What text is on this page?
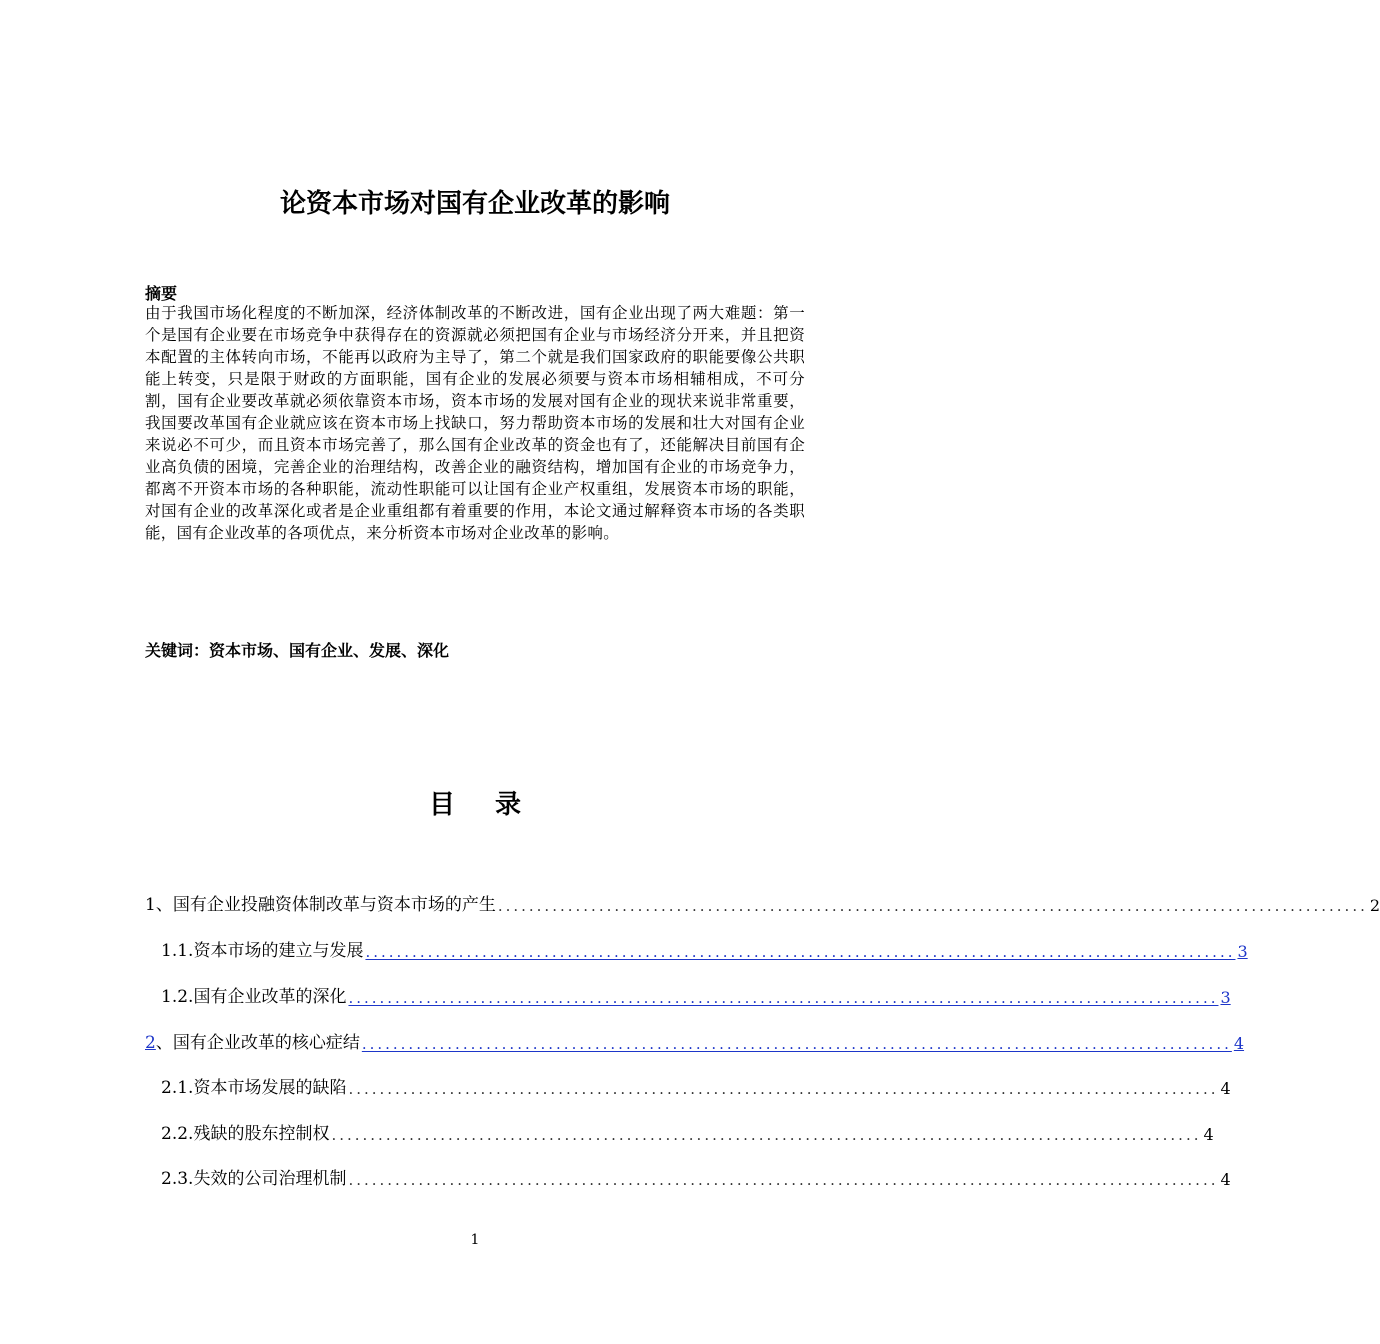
论资本市场对国有企业改革的影响
摘要
由于我国市场化程度的不断加深，经济体制改革的不断改进，国有企业出现了两大难题：第一个是国有企业要在市场竞争中获得存在的资源就必须把国有企业与市场经济分开来，并且把资本配置的主体转向市场，不能再以政府为主导了，第二个就是我们国家政府的职能要像公共职能上转变，只是限于财政的方面职能，国有企业的发展必须要与资本市场相辅相成，不可分割，国有企业要改革就必须依靠资本市场，资本市场的发展对国有企业的现状来说非常重要，我国要改革国有企业就应该在资本市场上找缺口，努力帮助资本市场的发展和壮大对国有企业来说必不可少，而且资本市场完善了，那么国有企业改革的资金也有了，还能解决目前国有企业高负债的困境，完善企业的治理结构，改善企业的融资结构，增加国有企业的市场竞争力，都离不开资本市场的各种职能，流动性职能可以让国有企业产权重组，发展资本市场的职能，对国有企业的改革深化或者是企业重组都有着重要的作用，本论文通过解释资本市场的各类职能，国有企业改革的各项优点，来分析资本市场对企业改革的影响。
关键词：资本市场、国有企业、发展、深化
目录
1 、国有企业投融资体制改革与资本市场的产生 ................................................................................................................ 2
1.1. 资本市场的建立与发展 ................................................................................................................ 3
1.2. 国有企业改革的深化 ................................................................................................................ 3
2 、国有企业改革的核心症结 ................................................................................................................ 4
2.1. 资本市场发展的缺陷 ................................................................................................................ 4
2.2. 残缺的股东控制权 ................................................................................................................ 4
2.3. 失效的公司治理机制 ................................................................................................................ 4
1
